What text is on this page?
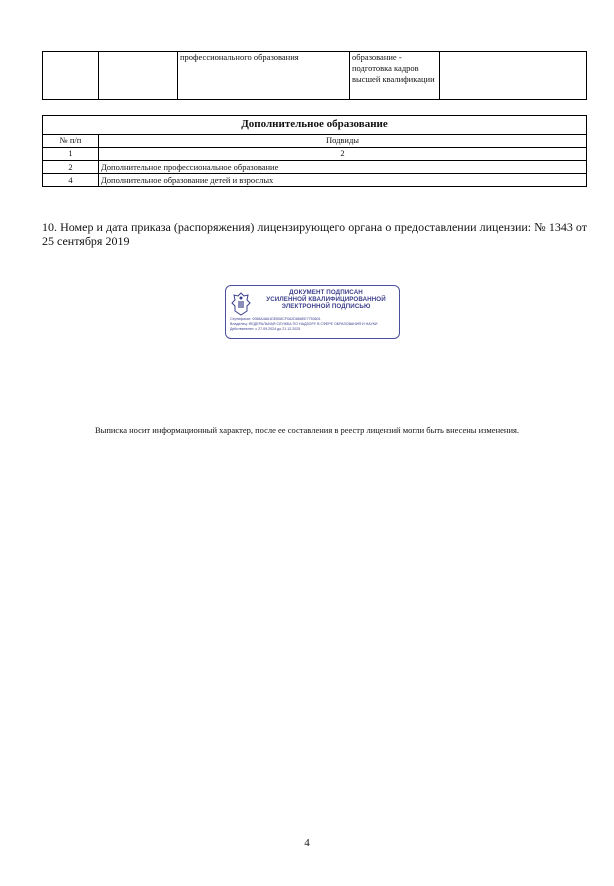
		профессионального образования	образование - подготовка кадров высшей квалификации	
Дополнительное образование	
№ п/п	Подвиды
1	2
2	Дополнительное профессиональное образование
4	Дополнительное образование детей и взрослых

10. Номер и дата приказа (распоряжения) лицензирующего органа о предоставлении лицензии: № 1343 от 25 сентября 2019

ДОКУМЕНТ ПОДПИСАН
УСИЛЕННОЙ КВАЛИФИЦИРОВАННОЙ
ЭЛЕКТРОННОЙ ПОДПИСЬЮ
Сертификат: 0068A4A61DE608CF0A2D866EE7753601
Владелец: ФЕДЕРАЛЬНАЯ СЛУЖБА ПО НАДЗОРУ В СФЕРЕ ОБРАЗОВАНИЯ И НАУКИ
Действителен: с 27.09.2024 до 21.12.2025

Выписка носит информационный характер, после ее составления в реестр лицензий могли быть внесены изменения.

4
